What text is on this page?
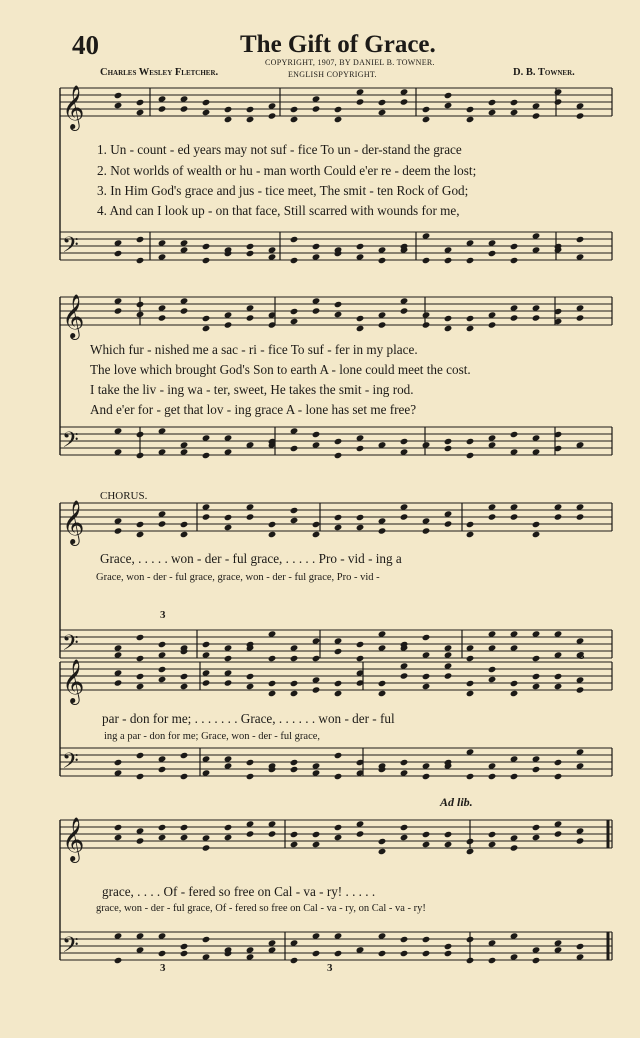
40	The Gift of Grace.
COPYRIGHT, 1907, BY DANIEL B. TOWNER.
ENGLISH COPYRIGHT.
Charles Wesley Fletcher.	D. B. Towner.
𝄞
𝄢
𝄞
𝄢
𝄞
𝄢
𝄞
𝄢
𝄞
𝄢
1. Un - count - ed years may not suf - fice To un - der-stand the grace
2. Not worlds of wealth or hu - man worth Could e'er re - deem the lost;
3. In Him God's grace and jus - tice meet, The smit - ten Rock of God;
4. And can I look up - on that face, Still scarred with wounds for me,
Which fur - nished me a sac - ri - fice To suf - fer in my place.
The love which brought God's Son to earth A - lone could meet the cost.
I take the liv - ing wa - ter, sweet, He takes the smit - ing rod.
And e'er for - get that lov - ing grace A - lone has set me free?
CHORUS.
Grace, . . . . . won - der - ful grace, . . . . . Pro - vid - ing a
Grace, won - der - ful grace, grace, won - der - ful grace, Pro - vid -
par - don for me; . . . . . . . Grace, . . . . . . won - der - ful
ing a par - don for me; Grace, won - der - ful grace,
Ad lib.
grace, . . . . Of - fered so free on Cal - va - ry! . . . . .
grace, won - der - ful grace, Of - fered so free on Cal - va - ry, on Cal - va - ry!
3
3
3	3
